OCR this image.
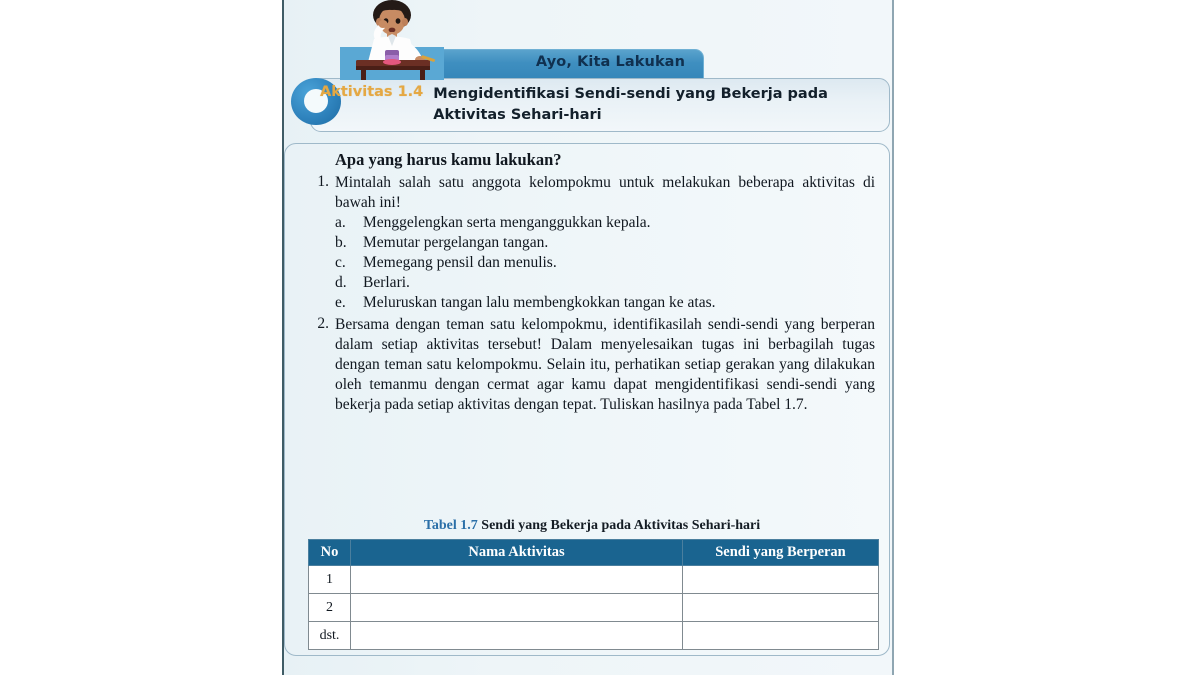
Ayo, Kita Lakukan
Aktivitas 1.4 Mengidentifikasi Sendi-sendi yang Bekerja pada Aktivitas Sehari-hari
Apa yang harus kamu lakukan?
1. Mintalah salah satu anggota kelompokmu untuk melakukan beberapa aktivitas di bawah ini!

a.	Menggelengkan serta menganggukkan kepala.
b.	Memutar pergelangan tangan.
c.	Memegang pensil dan menulis.
d.	Berlari.
e.	Meluruskan tangan lalu membengkokkan tangan ke atas.
2. Bersama dengan teman satu kelompokmu, identifikasilah sendi-sendi yang berperan dalam setiap aktivitas tersebut! Dalam menyelesaikan tugas ini berbagilah tugas dengan teman satu kelompokmu. Selain itu, perhatikan setiap gerakan yang dilakukan oleh temanmu dengan cermat agar kamu dapat mengidentifikasi sendi-sendi yang bekerja pada setiap aktivitas dengan tepat. Tuliskan hasilnya pada Tabel 1.7.

Tabel 1.7 Sendi yang Bekerja pada Aktivitas Sehari-hari
No	Nama Aktivitas	Sendi yang Berperan
1		
2		
dst.		
